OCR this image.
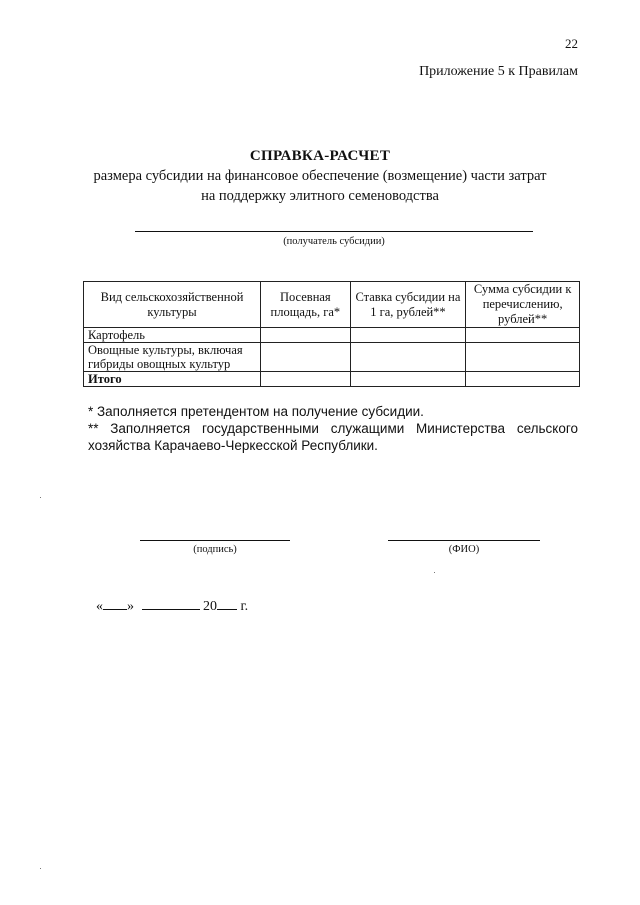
22
Приложение 5 к Правилам
СПРАВКА-РАСЧЕТ
размера субсидии на финансовое обеспечение (возмещение) части затрат
на поддержку элитного семеноводства
(получатель субсидии)
Вид сельскохозяйственной культуры	Посевная площадь, га*	Ставка субсидии на 1 га, рублей**	Сумма субсидии к перечислению, рублей**
Картофель			
Овощные культуры, включая гибриды овощных культур			
Итого			
* Заполняется претендентом на получение субсидии.
** Заполняется государственными служащими Министерства сельского хозяйства Карачаево-Черкесской Республики.
(подпись)	(ФИО)
« »	20 г.
